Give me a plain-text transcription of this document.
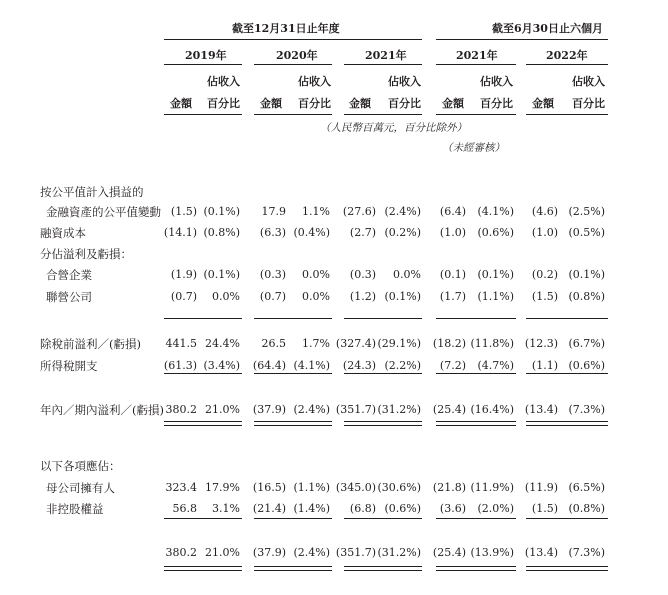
截至12月31日止年度	截至6月30日止六個月
2019年	2020年	2021年	2021年	2022年
佔收入	佔收入	佔收入	佔收入	佔收入
金額 百分比 金額 百分比 金額 百分比 金額 百分比 金額 百分比
（人民幣百萬元，百分比除外）
（未經審核）
按公平值計入損益的
金融資產的公平值變動 (1.5) (0.1%) 17.9 1.1% (27.6) (2.4%) (6.4) (4.1%) (4.6) (2.5%)
融資成本	(14.1) (0.8%) (6.3) (0.4%) (2.7) (0.2%) (1.0) (0.6%) (1.0) (0.5%)
分佔溢利及虧損：
合營企業	(1.9) (0.1%) (0.3) 0.0% (0.3) 0.0% (0.1) (0.1%) (0.2) (0.1%)
聯營公司	(0.7) 0.0% (0.7) 0.0% (1.2) (0.1%) (1.7) (1.1%) (1.5) (0.8%)
除稅前溢利／(虧損) 441.5 24.4% 26.5 1.7% (327.4) (29.1%) (18.2) (11.8%) (12.3) (6.7%)
所得稅開支	(61.3) (3.4%) (64.4) (4.1%) (24.3) (2.2%) (7.2) (4.7%) (1.1) (0.6%)
年內／期內溢利／(虧損) 380.2 21.0% (37.9) (2.4%) (351.7) (31.2%) (25.4) (16.4%) (13.4) (7.3%)
以下各項應佔：
母公司擁有人	323.4 17.9% (16.5) (1.1%) (345.0) (30.6%) (21.8) (11.9%) (11.9) (6.5%)
非控股權益	56.8 3.1% (21.4) (1.4%) (6.8) (0.6%) (3.6) (2.0%) (1.5) (0.8%)
380.2 21.0% (37.9) (2.4%) (351.7) (31.2%) (25.4) (13.9%) (13.4) (7.3%)
